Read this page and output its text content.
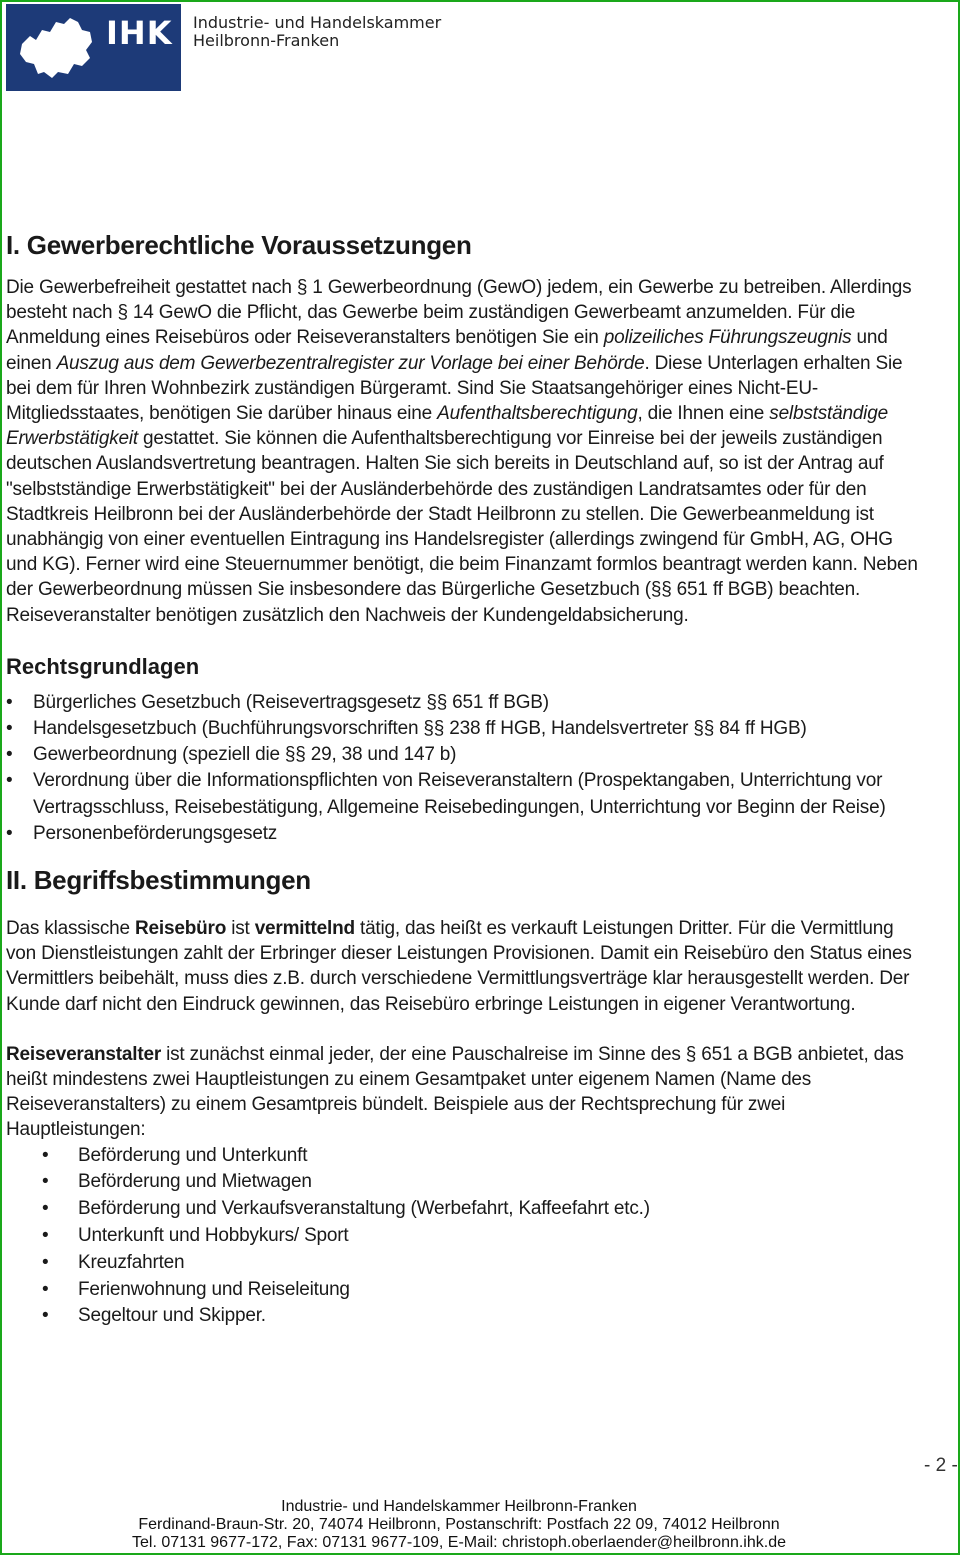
IHK Industrie- und Handelskammer
Heilbronn-Franken
I. Gewerberechtliche Voraussetzungen

Die Gewerbefreiheit gestattet nach § 1 Gewerbeordnung (GewO) jedem, ein Gewerbe zu betreiben. Allerdings besteht nach § 14 GewO die Pflicht, das Gewerbe beim zuständigen Gewerbeamt anzumelden. Für die Anmeldung eines Reisebüros oder Reiseveranstalters benötigen Sie ein polizeiliches Führungszeugnis und einen Auszug aus dem Gewerbezentralregister zur Vorlage bei einer Behörde. Diese Unterlagen erhalten Sie bei dem für Ihren Wohnbezirk zuständigen Bürgeramt. Sind Sie Staatsangehöriger eines Nicht-EU-Mitgliedsstaates, benötigen Sie darüber hinaus eine Aufenthaltsberechtigung, die Ihnen eine selbstständige Erwerbstätigkeit gestattet. Sie können die Aufenthaltsberechtigung vor Einreise bei der jeweils zuständigen deutschen Auslandsvertretung beantragen. Halten Sie sich bereits in Deutschland auf, so ist der Antrag auf "selbstständige Erwerbstätigkeit" bei der Ausländerbehörde des zuständigen Landratsamtes oder für den Stadtkreis Heilbronn bei der Ausländerbehörde der Stadt Heilbronn zu stellen. Die Gewerbeanmeldung ist unabhängig von einer eventuellen Eintragung ins Handelsregister (allerdings zwingend für GmbH, AG, OHG und KG). Ferner wird eine Steuernummer benötigt, die beim Finanzamt formlos beantragt werden kann. Neben der Gewerbeordnung müssen Sie insbesondere das Bürgerliche Gesetzbuch (§§ 651 ff BGB) beachten. Reiseveranstalter benötigen zusätzlich den Nachweis der Kundengeldabsicherung.

Rechtsgrundlagen
• Bürgerliches Gesetzbuch (Reisevertragsgesetz §§ 651 ff BGB)
• Handelsgesetzbuch (Buchführungsvorschriften §§ 238 ff HGB, Handelsvertreter §§ 84 ff HGB)
• Gewerbeordnung (speziell die §§ 29, 38 und 147 b)
• Verordnung über die Informationspflichten von Reiseveranstaltern (Prospektangaben, Unterrichtung vor Vertragsschluss, Reisebestätigung, Allgemeine Reisebedingungen, Unterrichtung vor Beginn der Reise)
• Personenbeförderungsgesetz
II. Begriffsbestimmungen

Das klassische Reisebüro ist vermittelnd tätig, das heißt es verkauft Leistungen Dritter. Für die Vermittlung von Dienstleistungen zahlt der Erbringer dieser Leistungen Provisionen. Damit ein Reisebüro den Status eines Vermittlers beibehält, muss dies z.B. durch verschiedene Vermittlungsverträge klar herausgestellt werden. Der Kunde darf nicht den Eindruck gewinnen, das Reisebüro erbringe Leistungen in eigener Verantwortung.

Reiseveranstalter ist zunächst einmal jeder, der eine Pauschalreise im Sinne des § 651 a BGB anbietet, das heißt mindestens zwei Hauptleistungen zu einem Gesamtpaket unter eigenem Namen (Name des Reiseveranstalters) zu einem Gesamtpreis bündelt. Beispiele aus der Rechtsprechung für zwei Hauptleistungen:

• Beförderung und Unterkunft
• Beförderung und Mietwagen
• Beförderung und Verkaufsveranstaltung (Werbefahrt, Kaffeefahrt etc.)
• Unterkunft und Hobbykurs/ Sport
• Kreuzfahrten
• Ferienwohnung und Reiseleitung
• Segeltour und Skipper.
- 2 -
Industrie- und Handelskammer Heilbronn-Franken
Ferdinand-Braun-Str. 20, 74074 Heilbronn, Postanschrift: Postfach 22 09, 74012 Heilbronn
Tel. 07131 9677-172, Fax: 07131 9677-109, E-Mail: christoph.oberlaender@heilbronn.ihk.de
